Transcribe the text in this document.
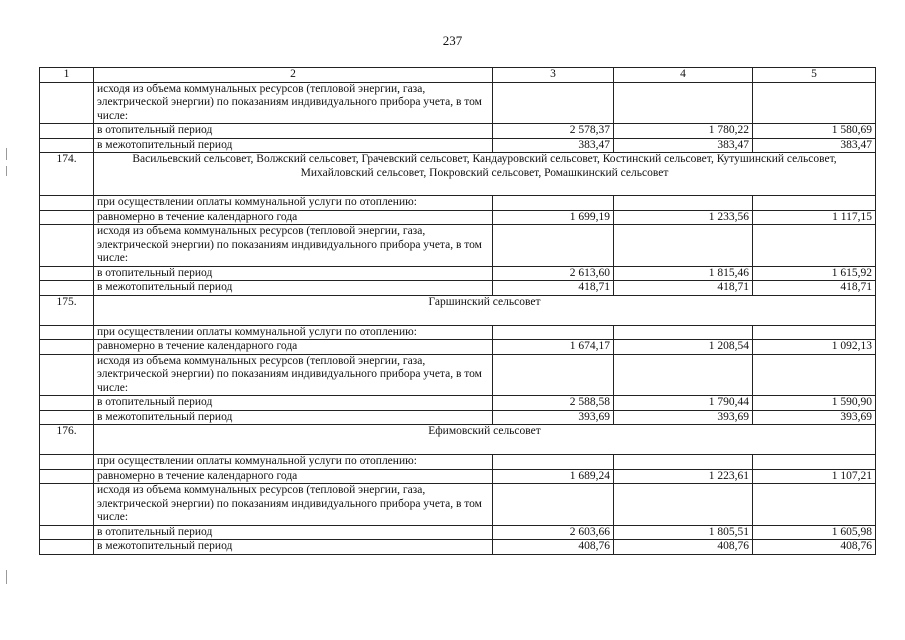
237
1	2	3	4	5
	исходя из объема коммунальных ресурсов (тепловой энергии, газа, электрической энергии) по показаниям индивидуального прибора учета, в том числе:			
	в отопительный период	2 578,37	1 780,22	1 580,69
	в межотопительный период	383,47	383,47	383,47
174.	Васильевский сельсовет, Волжский сельсовет, Грачевский сельсовет, Кандауровский сельсовет, Костинский сельсовет, Кутушинский сельсовет, Михайловский сельсовет, Покровский сельсовет, Ромашкинский сельсовет			
	при осуществлении оплаты коммунальной услуги по отоплению:			
	равномерно в течение календарного года	1 699,19	1 233,56	1 117,15
	исходя из объема коммунальных ресурсов (тепловой энергии, газа, электрической энергии) по показаниям индивидуального прибора учета, в том числе:			
	в отопительный период	2 613,60	1 815,46	1 615,92
	в межотопительный период	418,71	418,71	418,71
175.	Гаршинский сельсовет			
	при осуществлении оплаты коммунальной услуги по отоплению:			
	равномерно в течение календарного года	1 674,17	1 208,54	1 092,13
	исходя из объема коммунальных ресурсов (тепловой энергии, газа, электрической энергии) по показаниям индивидуального прибора учета, в том числе:			
	в отопительный период	2 588,58	1 790,44	1 590,90
	в межотопительный период	393,69	393,69	393,69
176.	Ефимовский сельсовет			
	при осуществлении оплаты коммунальной услуги по отоплению:			
	равномерно в течение календарного года	1 689,24	1 223,61	1 107,21
	исходя из объема коммунальных ресурсов (тепловой энергии, газа, электрической энергии) по показаниям индивидуального прибора учета, в том числе:			
	в отопительный период	2 603,66	1 805,51	1 605,98
	в межотопительный период	408,76	408,76	408,76
